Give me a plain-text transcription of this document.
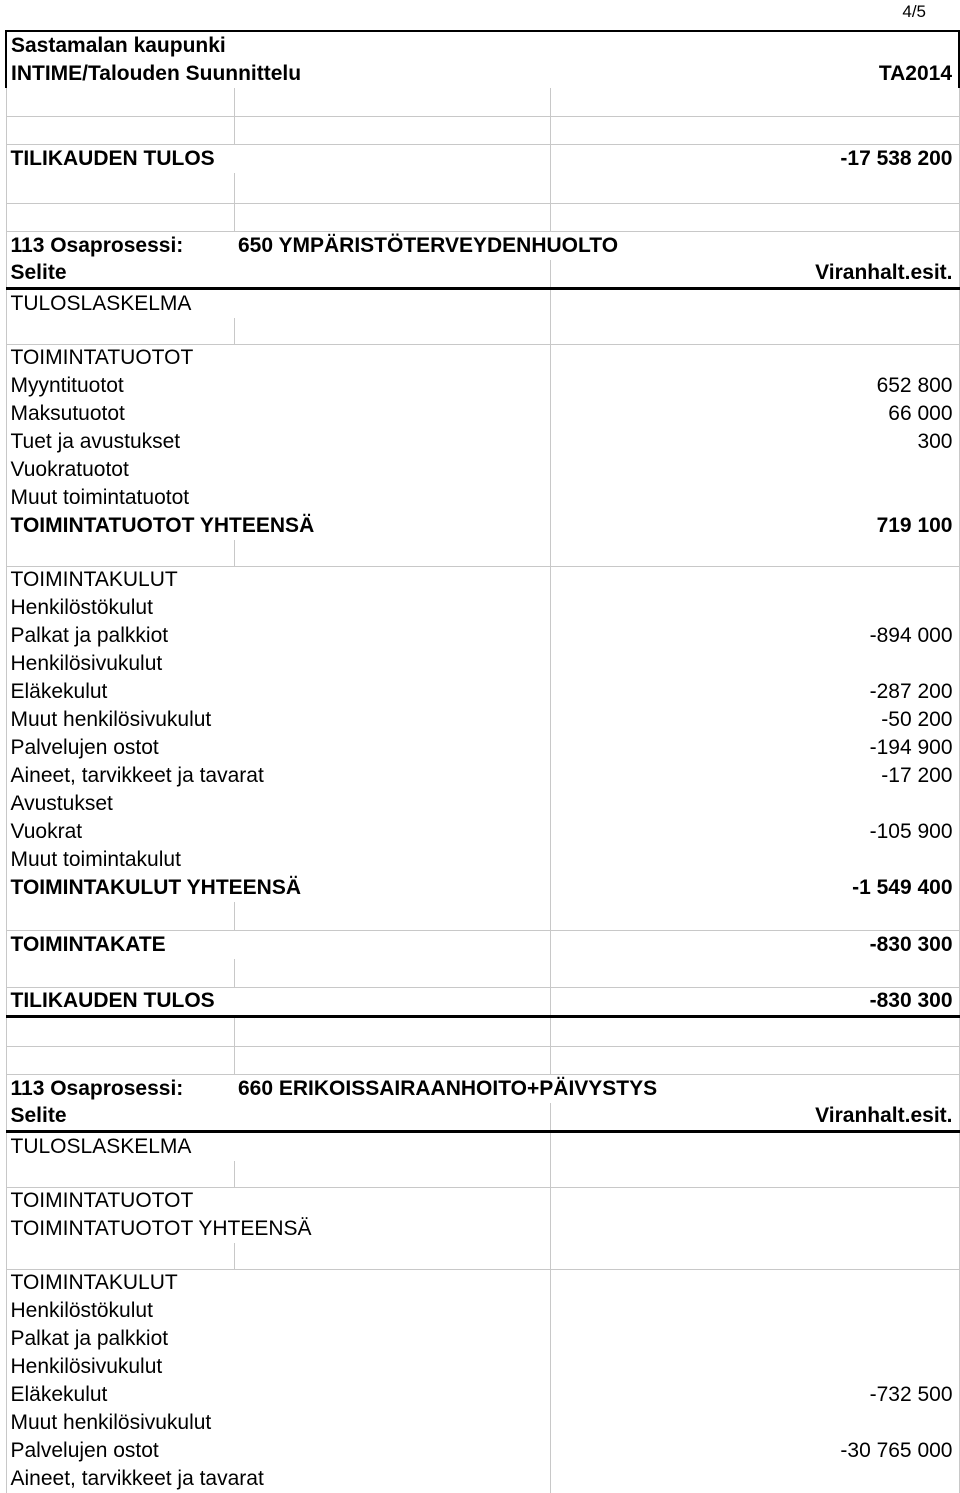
4/5
Sastamalan kaupunki		
INTIME/Talouden Suunnittelu		TA2014

TILIKAUDEN TULOS		-17 538 200

113 Osaprosessi:	650 YMPÄRISTÖTERVEYDENHUOLTO	
Selite		Viranhalt.esit.
TULOSLASKELMA		

TOIMINTATUOTOT		
Myyntituotot		652 800
Maksutuotot		66 000
Tuet ja avustukset		300
Vuokratuotot		
Muut toimintatuotot		
TOIMINTATUOTOT YHTEENSÄ		719 100

TOIMINTAKULUT		
Henkilöstökulut		
Palkat ja palkkiot		-894 000
Henkilösivukulut		
Eläkekulut		-287 200
Muut henkilösivukulut		-50 200
Palvelujen ostot		-194 900
Aineet, tarvikkeet ja tavarat		-17 200
Avustukset		
Vuokrat		-105 900
Muut toimintakulut		
TOIMINTAKULUT YHTEENSÄ		-1 549 400

TOIMINTAKATE		-830 300

TILIKAUDEN TULOS		-830 300

113 Osaprosessi:	660 ERIKOISSAIRAANHOITO+PÄIVYSTYS	
Selite		Viranhalt.esit.
TULOSLASKELMA		

TOIMINTATUOTOT		
TOIMINTATUOTOT YHTEENSÄ		

TOIMINTAKULUT		
Henkilöstökulut		
Palkat ja palkkiot		
Henkilösivukulut		
Eläkekulut		-732 500
Muut henkilösivukulut		
Palvelujen ostot		-30 765 000
Aineet, tarvikkeet ja tavarat		
